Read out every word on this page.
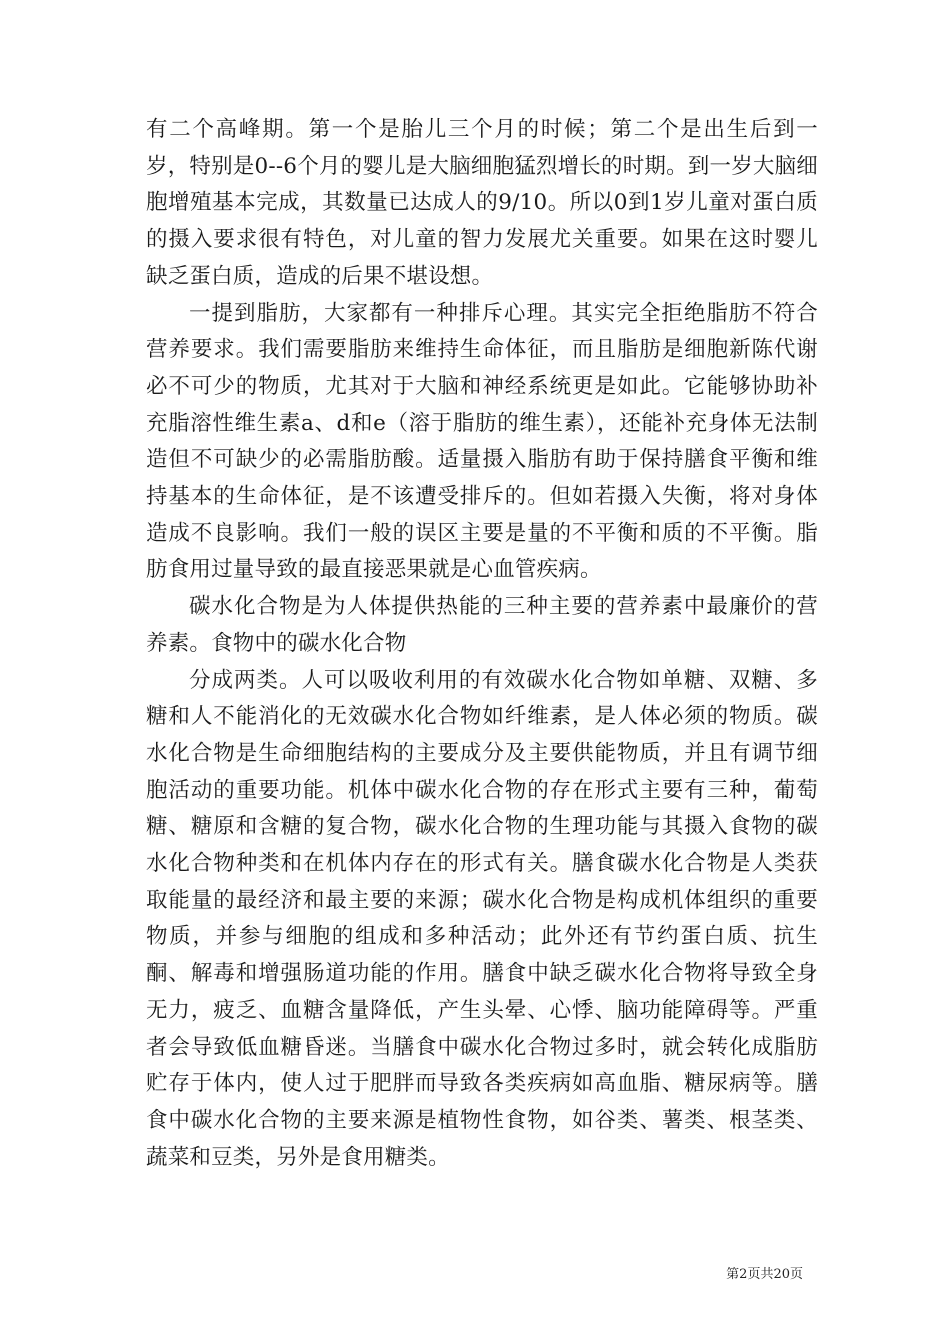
有二个高峰期。第一个是胎儿三个月的时候；第二个是出生后到一岁，特别是0--6个月的婴儿是大脑细胞猛烈增长的时期。到一岁大脑细胞增殖基本完成，其数量已达成人的9/10。所以0到1岁儿童对蛋白质的摄入要求很有特色，对儿童的智力发展尤关重要。如果在这时婴儿缺乏蛋白质，造成的后果不堪设想。

一提到脂肪，大家都有一种排斥心理。其实完全拒绝脂肪不符合营养要求。我们需要脂肪来维持生命体征，而且脂肪是细胞新陈代谢必不可少的物质，尤其对于大脑和神经系统更是如此。它能够协助补充脂溶性维生素a、d和e（溶于脂肪的维生素），还能补充身体无法制造但不可缺少的必需脂肪酸。适量摄入脂肪有助于保持膳食平衡和维持基本的生命体征，是不该遭受排斥的。但如若摄入失衡，将对身体造成不良影响。我们一般的误区主要是量的不平衡和质的不平衡。脂肪食用过量导致的最直接恶果就是心血管疾病。

碳水化合物是为人体提供热能的三种主要的营养素中最廉价的营养素。食物中的碳水化合物

分成两类。人可以吸收利用的有效碳水化合物如单糖、双糖、多糖和人不能消化的无效碳水化合物如纤维素，是人体必须的物质。碳水化合物是生命细胞结构的主要成分及主要供能物质，并且有调节细胞活动的重要功能。机体中碳水化合物的存在形式主要有三种，葡萄糖、糖原和含糖的复合物，碳水化合物的生理功能与其摄入食物的碳水化合物种类和在机体内存在的形式有关。膳食碳水化合物是人类获取能量的最经济和最主要的来源；碳水化合物是构成机体组织的重要物质，并参与细胞的组成和多种活动；此外还有节约蛋白质、抗生酮、解毒和增强肠道功能的作用。膳食中缺乏碳水化合物将导致全身无力，疲乏、血糖含量降低，产生头晕、心悸、脑功能障碍等。严重者会导致低血糖昏迷。当膳食中碳水化合物过多时，就会转化成脂肪贮存于体内，使人过于肥胖而导致各类疾病如高血脂、糖尿病等。膳食中碳水化合物的主要来源是植物性食物，如谷类、薯类、根茎类、蔬菜和豆类，另外是食用糖类。

第2页共20页
